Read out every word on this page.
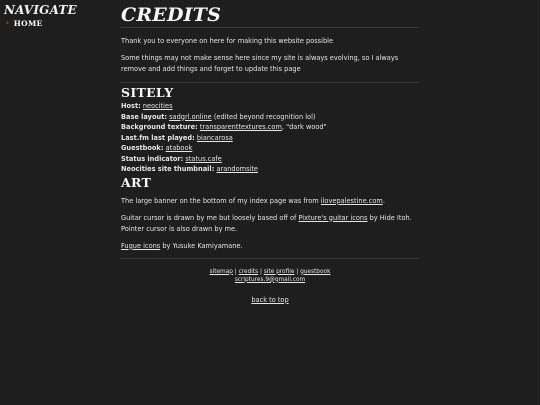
NAVIGATE
• HOME	CREDITS

Thank you to everyone on here for making this website possible

Some things may not make sense here since my site is always evolving, so I always remove and add things and forget to update this page

SITELY
Host: neocities
Base layout: sadgrl.online (edited beyond recognition lol)
Background texture: transparenttextures.com, "dark wood"
Last.fm last played: biancarosa
Guestbook: atabook
Status indicator: status.cafe
Neocities site thumbnail: arandomsite
ART

The large banner on the bottom of my index page was from ilovepalestine.com.

Guitar cursor is drawn by me but loosely based off of Pixture's guitar icons by Hide Itoh. Pointer cursor is also drawn by me.

Fugue icons by Yusuke Kamiyamane.

sitemap | credits | site profile | guestbook
scriptures.9@gmail.com
back to top
